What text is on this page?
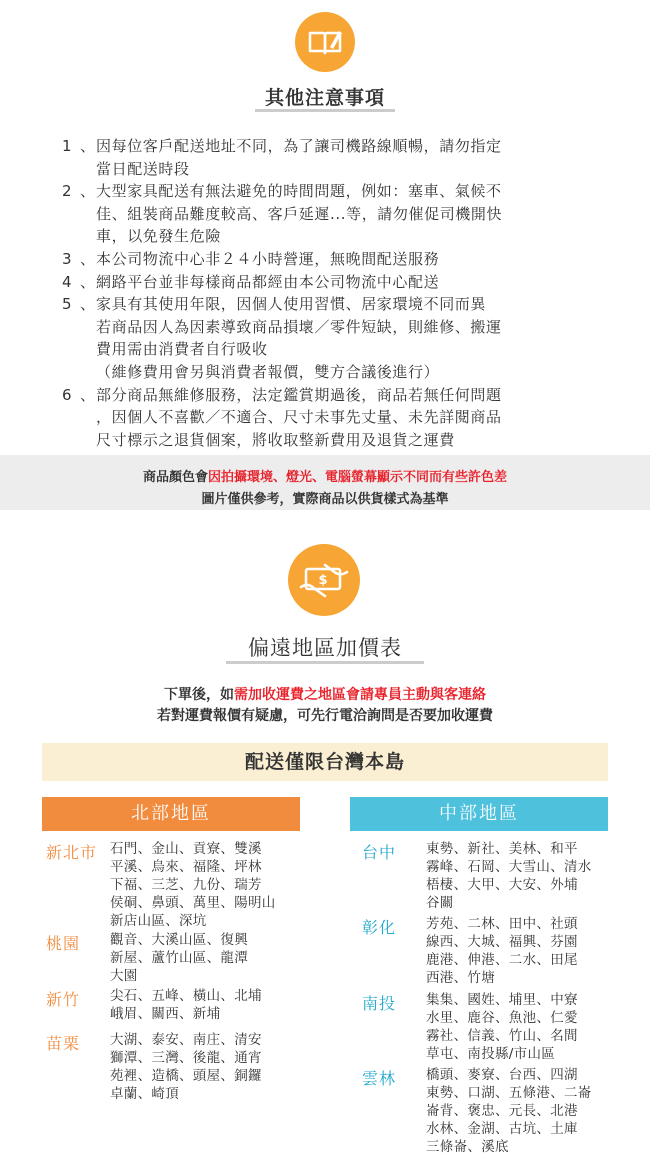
其他注意事項
1 、 因每位客戶配送地址不同，為了讓司機路線順暢，請勿指定
當日配送時段
2 、 大型家具配送有無法避免的時間問題，例如：塞車、氣候不
佳、組裝商品難度較高、客戶延遲...等，請勿催促司機開快
車，以免發生危險
3 、 本公司物流中心非２４小時營運，無晚間配送服務
4 、 網路平台並非每樣商品都經由本公司物流中心配送
5 、 家具有其使用年限，因個人使用習慣、居家環境不同而異
若商品因人為因素導致商品損壞／零件短缺，則維修、搬運
費用需由消費者自行吸收
（維修費用會另與消費者報價，雙方合議後進行）
6 、 部分商品無維修服務，法定鑑賞期過後，商品若無任何問題
，因個人不喜歡／不適合、尺寸未事先丈量、未先詳閱商品
尺寸標示之退貨個案，將收取整新費用及退貨之運費
商品顏色會因拍攝環境、燈光、電腦螢幕顯示不同而有些許色差
圖片僅供參考，實際商品以供貨樣式為基準
$
偏遠地區加價表
下單後，如需加收運費之地區會請專員主動與客連絡
若對運費報價有疑慮，可先行電洽詢問是否要加收運費
配送僅限台灣本島
北部地區	中部地區
新北市 石門、金山、貢寮、雙溪
平溪、烏來、福隆、坪林
下福、三芝、九份、瑞芳
侯硐、鼻頭、萬里、陽明山
新店山區、深坑
桃園	觀音、大溪山區、復興
新屋、蘆竹山區、龍潭
大園
新竹	尖石、五峰、橫山、北埔
峨眉、關西、新埔
苗栗	大湖、泰安、南庄、清安
獅潭、三灣、後龍、通宵
苑裡、造橋、頭屋、銅鑼
卓蘭、崎頂
台中	東勢、新社、美林、和平
霧峰、石岡、大雪山、清水
梧棲、大甲、大安、外埔
谷關
彰化	芳苑、二林、田中、社頭
線西、大城、福興、芬園
鹿港、伸港、二水、田尾
西港、竹塘
南投	集集、國姓、埔里、中寮
水里、鹿谷、魚池、仁愛
霧社、信義、竹山、名間
草屯、南投縣/市山區
雲林	橋頭、麥寮、台西、四湖
東勢、口湖、五條港、二崙
崙背、褒忠、元長、北港
水林、金湖、古坑、土庫
三條崙、溪底
